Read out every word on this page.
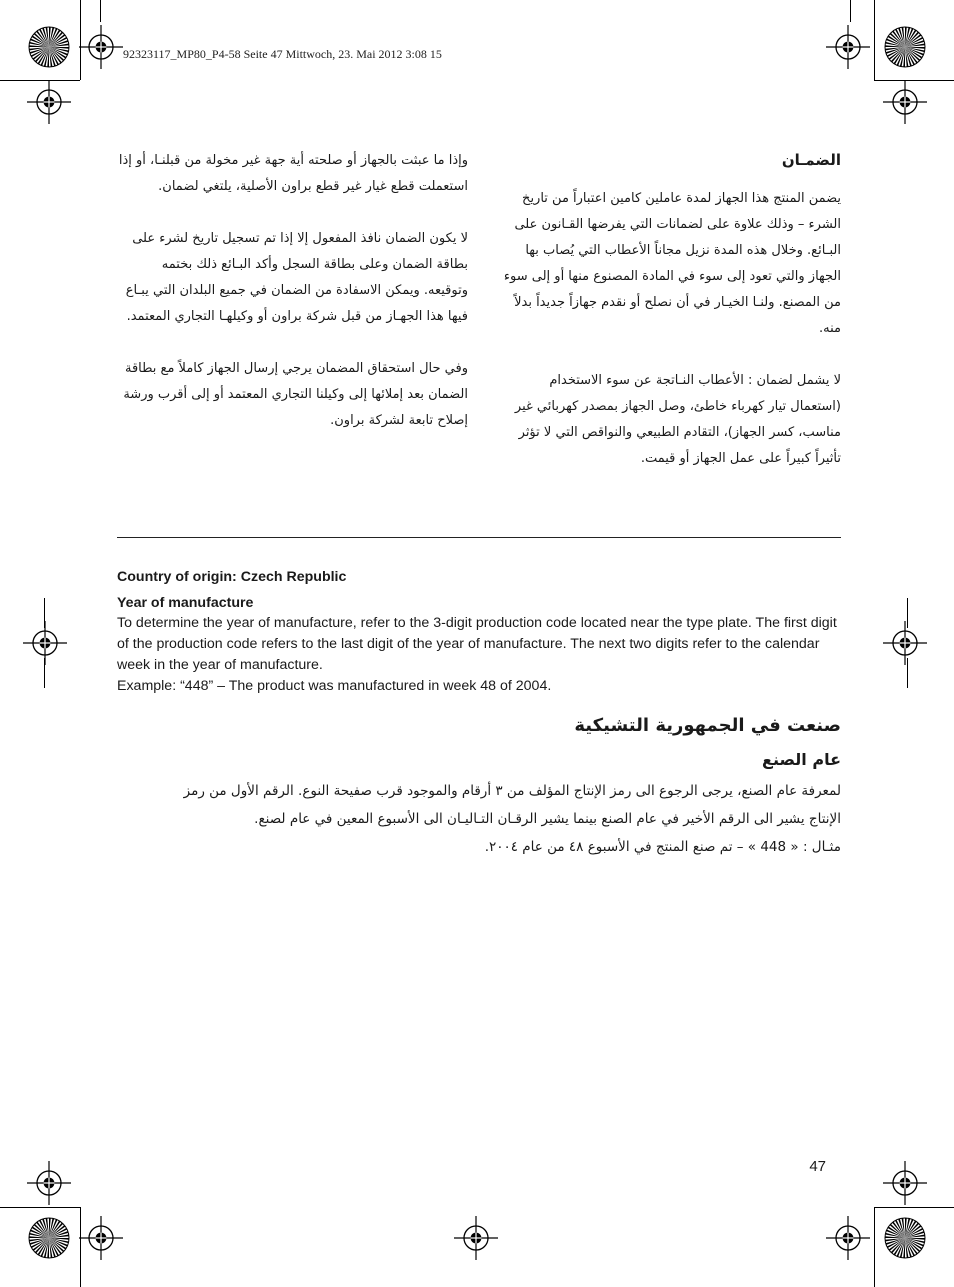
92323117_MP80_P4-58 Seite 47 Mittwoch, 23. Mai 2012 3:08 15
الضمـان

يضمن المنتج هذا الجهاز لمدة عاملين كامين اعتباراً من تاريخ الشرء – وذلك علاوة على لضمانات التي يفرضها القـانون على البـائع. وخلال هذه المدة نزيل مجاناً الأعطاب التي يُصاب بها الجهاز والتي تعود إلى سوء في المادة المصنوع منها أو إلى سوء من المصنع. ولنـا الخيـار في أن نصلح أو نقدم جهازاً جديداً بدلاً منه.

لا يشمل لضمان : الأعطاب النـاتجة عن سوء الاستخدام (استعمال تيار كهرباء خاطئ، وصل الجهاز بمصدر كهربائي غير مناسب، كسر الجهاز)، التقادم الطبيعي والنواقص التي لا تؤثر تأثيراً كبيراً على عمل الجهاز أو قيمت.

وإذا ما عبثت بالجهاز أو صلحته أية جهة غير مخولة من قبلنـا، أو إذا استعملت قطع غيار غير قطع براون الأصلية، يلتغي لضمان.

لا يكون الضمان نافذ المفعول إلا إذا تم تسجيل تاريخ لشرء على بطاقة الضمان وعلى بطاقة السجل وأكد البـائع ذلك بختمه وتوقيعه. ويمكن الاسفادة من الضمان في جميع البلدان التي يبـاع فيها هذا الجهـاز من قبل شركة براون أو وكيلهـا التجاري المعتمد.

وفي حال استحقاق المضمان يرجي إرسال الجهاز كاملاً مع بطاقة الضمان بعد إملائها إلى وكيلنا التجاري المعتمد أو إلى أقرب ورشة إصلاح تابعة لشركة براون.

Country of origin: Czech Republic
Year of manufacture

To determine the year of manufacture, refer to the 3-digit production code located near the type plate. The first digit of the production code refers to the last digit of the year of manufacture. The next two digits refer to the calendar week in the year of manufacture.

Example: “448” – The product was manufactured in week 48 of 2004.

صنعت في الجمهورية التشيكية
عام الصنع

لمعرفة عام الصنع، يرجى الرجوع الى رمز الإنتاج المؤلف من ٣ أرقام والموجود قرب صفيحة النوع. الرقم الأول من رمز

الإنتاج يشير الى الرقم الأخير في عام الصنع بينما يشير الرقـان التـاليـان الى الأسبوع المعين في عام لصنع.

مثـال : « 448 » – تم صنع المنتج في الأسبوع ٤٨ من عام ٢٠٠٤.

47
